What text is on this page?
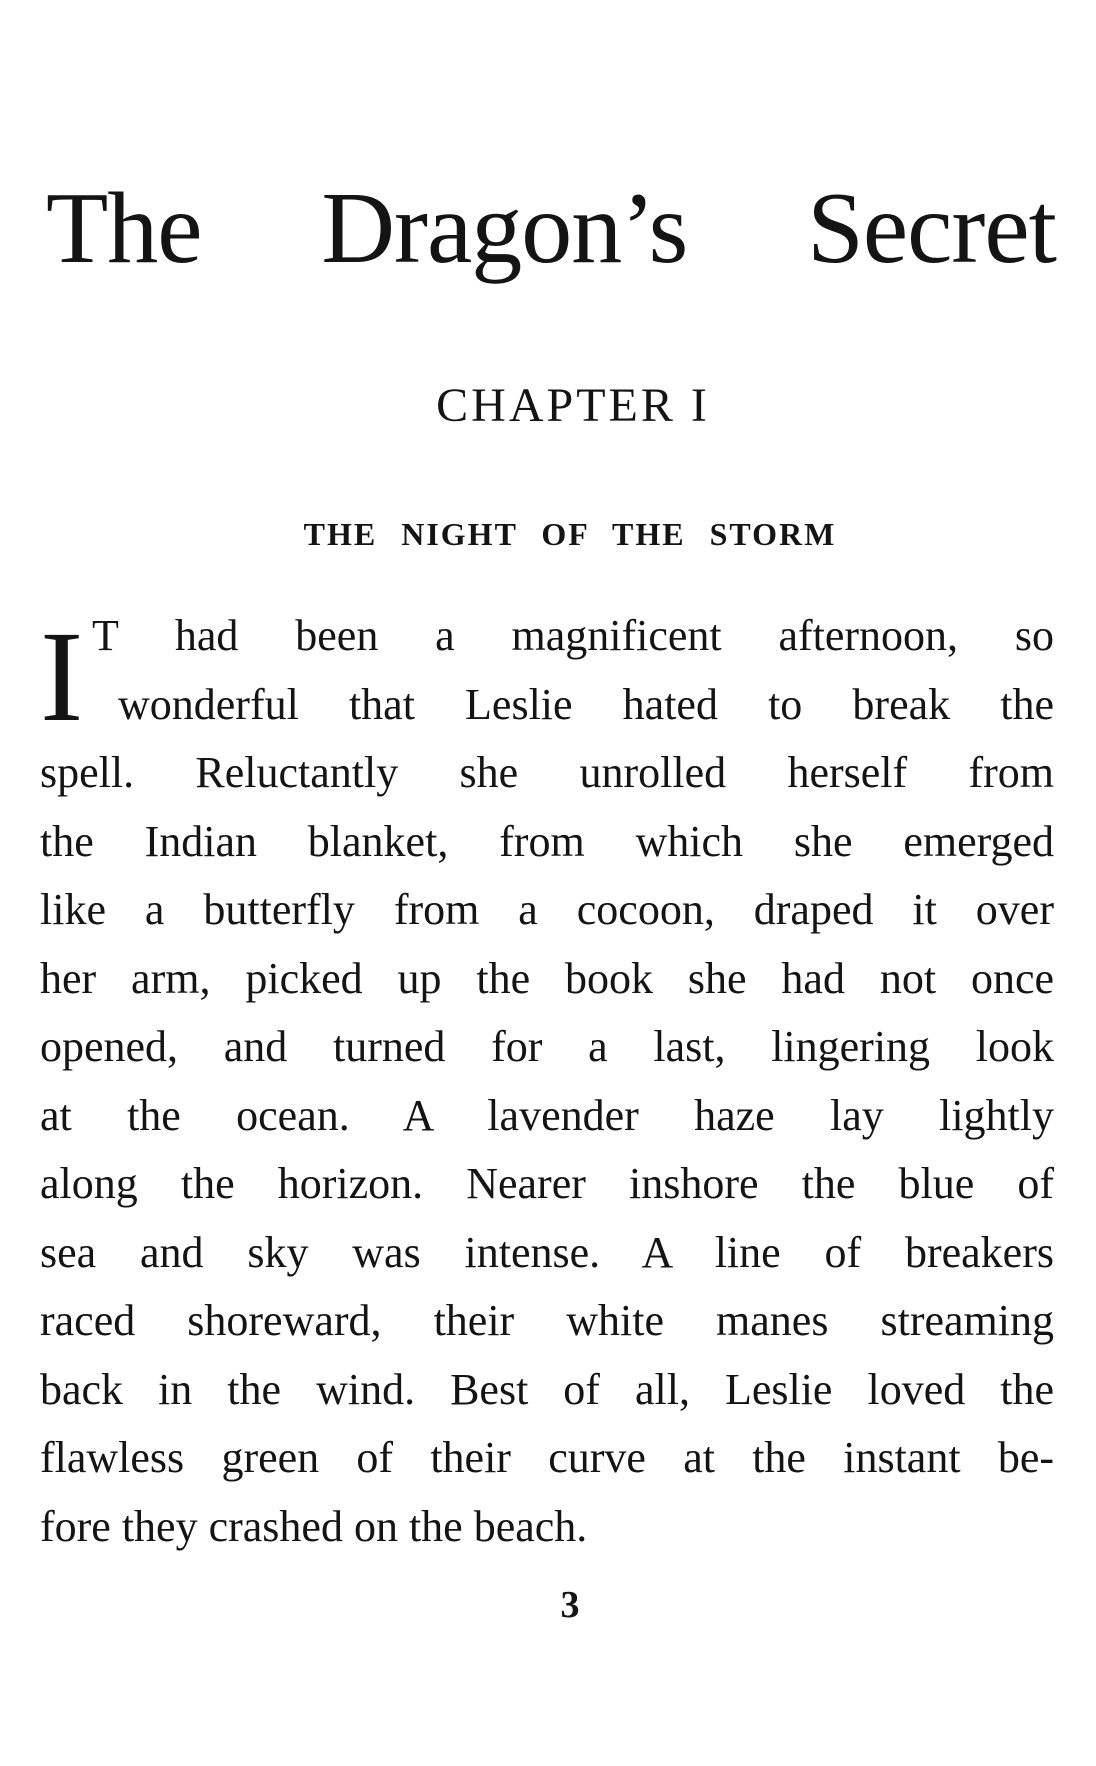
The Dragon’s Secret
CHAPTER I
THE NIGHT OF THE STORM
I T had been a magnificent afternoon, so
wonderful that Leslie hated to break the
spell. Reluctantly she unrolled herself from
the Indian blanket, from which she emerged
like a butterfly from a cocoon, draped it over
her arm, picked up the book she had not once
opened, and turned for a last, lingering look
at the ocean. A lavender haze lay lightly
along the horizon. Nearer inshore the blue of
sea and sky was intense. A line of breakers
raced shoreward, their white manes streaming
back in the wind. Best of all, Leslie loved the
flawless green of their curve at the instant be-
fore they crashed on the beach.
3
